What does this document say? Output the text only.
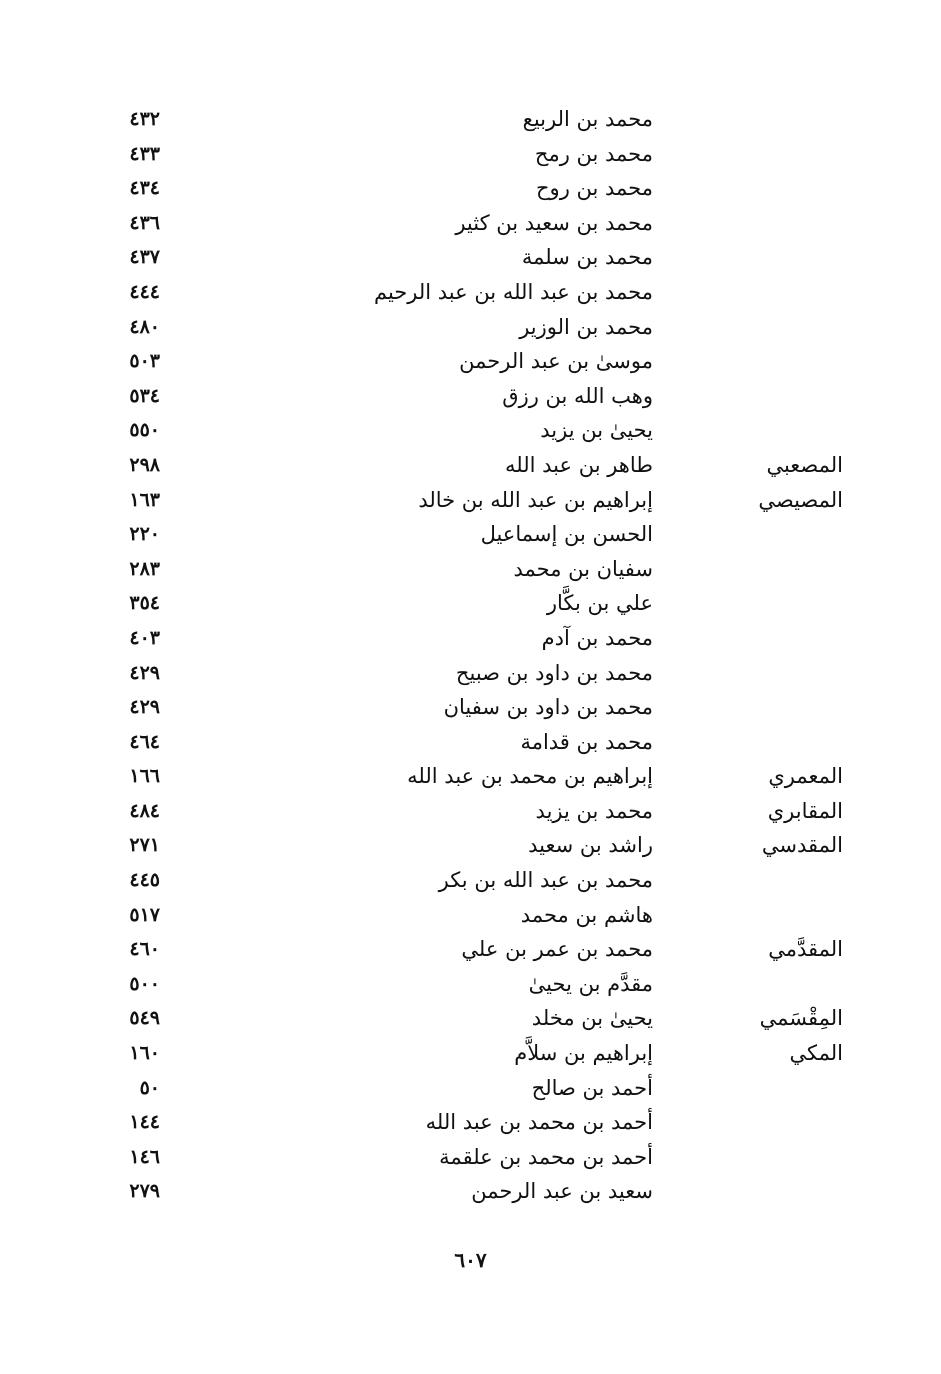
محمد بن الربيع
٤٣٢
محمد بن رمح
٤٣٣
محمد بن روح
٤٣٤
محمد بن سعيد بن كثير
٤٣٦
محمد بن سلمة
٤٣٧
محمد بن عبد الله بن عبد الرحيم
٤٤٤
محمد بن الوزير
٤٨٠
موسىٰ بن عبد الرحمن
٥٠٣
وهب الله بن رزق
٥٣٤
يحيىٰ بن يزيد
٥٥٠
المصعبي
طاهر بن عبد الله
٢٩٨
المصيصي
إبراهيم بن عبد الله بن خالد
١٦٣
الحسن بن إسماعيل
٢٢٠
سفيان بن محمد
٢٨٣
علي بن بكَّار
٣٥٤
محمد بن آدم
٤٠٣
محمد بن داود بن صبيح
٤٢٩
محمد بن داود بن سفيان
٤٢٩
محمد بن قدامة
٤٦٤
المعمري
إبراهيم بن محمد بن عبد الله
١٦٦
المقابري
محمد بن يزيد
٤٨٤
المقدسي
راشد بن سعيد
٢٧١
محمد بن عبد الله بن بكر
٤٤٥
هاشم بن محمد
٥١٧
المقدَّمي
محمد بن عمر بن علي
٤٦٠
مقدَّم بن يحيىٰ
٥٠٠
المِقْسَمي
يحيىٰ بن مخلد
٥٤٩
المكي
إبراهيم بن سلاَّم
١٦٠
أحمد بن صالح
٥٠
أحمد بن محمد بن عبد الله
١٤٤
أحمد بن محمد بن علقمة
١٤٦
سعيد بن عبد الرحمن
٢٧٩
٦٠٧
